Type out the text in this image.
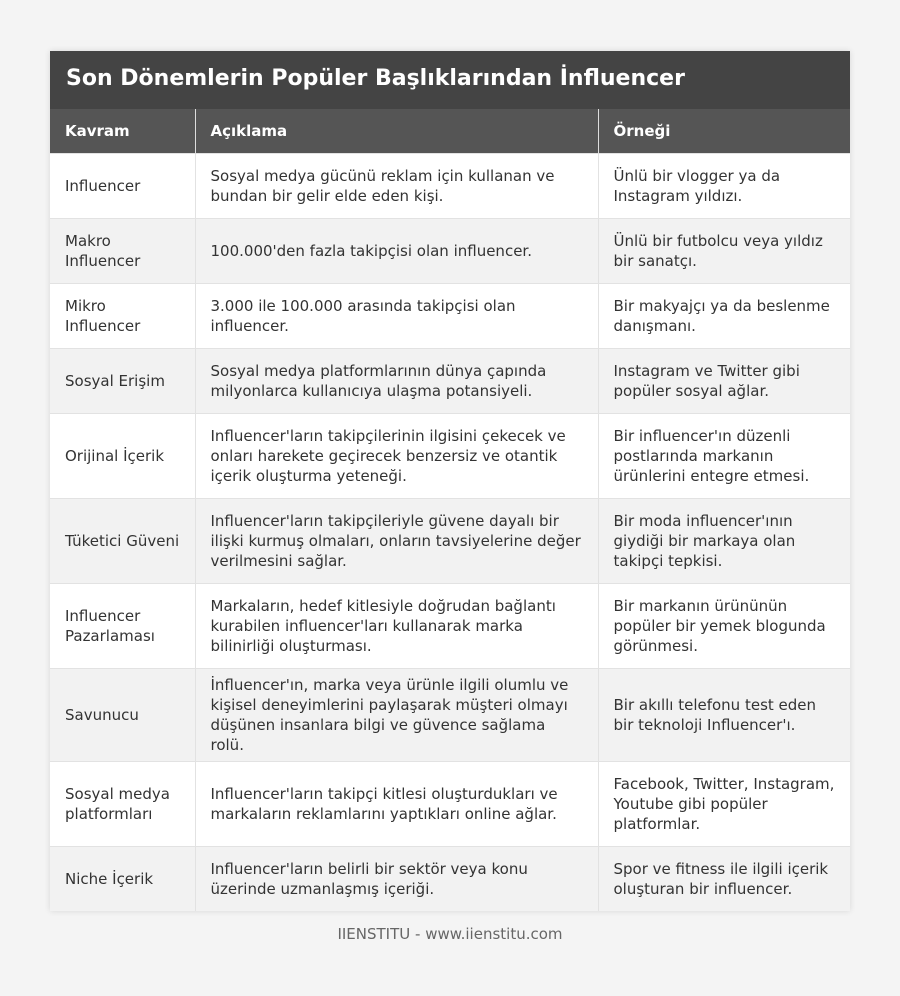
Son Dönemlerin Popüler Başlıklarından İnfluencer
Kavram	Açıklama	Örneği
Influencer	Sosyal medya gücünü reklam için kullanan ve bundan bir gelir elde eden kişi.	Ünlü bir vlogger ya da Instagram yıldızı.
Makro Influencer	100.000'den fazla takipçisi olan influencer.	Ünlü bir futbolcu veya yıldız bir sanatçı.
Mikro Influencer	3.000 ile 100.000 arasında takipçisi olan influencer.	Bir makyajçı ya da beslenme danışmanı.
Sosyal Erişim	Sosyal medya platformlarının dünya çapında milyonlarca kullanıcıya ulaşma potansiyeli.	Instagram ve Twitter gibi popüler sosyal ağlar.
Orijinal İçerik	Influencer'ların takipçilerinin ilgisini çekecek ve onları harekete geçirecek benzersiz ve otantik içerik oluşturma yeteneği.	Bir influencer'ın düzenli postlarında markanın ürünlerini entegre etmesi.
Tüketici Güveni	Influencer'ların takipçileriyle güvene dayalı bir ilişki kurmuş olmaları, onların tavsiyelerine değer verilmesini sağlar.	Bir moda influencer'ının giydiği bir markaya olan takipçi tepkisi.
Influencer Pazarlaması	Markaların, hedef kitlesiyle doğrudan bağlantı kurabilen influencer'ları kullanarak marka bilinirliği oluşturması.	Bir markanın ürününün popüler bir yemek blogunda görünmesi.
Savunucu	İnfluencer'ın, marka veya ürünle ilgili olumlu ve kişisel deneyimlerini paylaşarak müşteri olmayı düşünen insanlara bilgi ve güvence sağlama rolü.	Bir akıllı telefonu test eden bir teknoloji Influencer'ı.
Sosyal medya platformları	Influencer'ların takipçi kitlesi oluşturdukları ve markaların reklamlarını yaptıkları online ağlar.	Facebook, Twitter, Instagram, Youtube gibi popüler platformlar.
Niche İçerik	Influencer'ların belirli bir sektör veya konu üzerinde uzmanlaşmış içeriği.	Spor ve fitness ile ilgili içerik oluşturan bir influencer.
IIENSTITU - www.iienstitu.com
